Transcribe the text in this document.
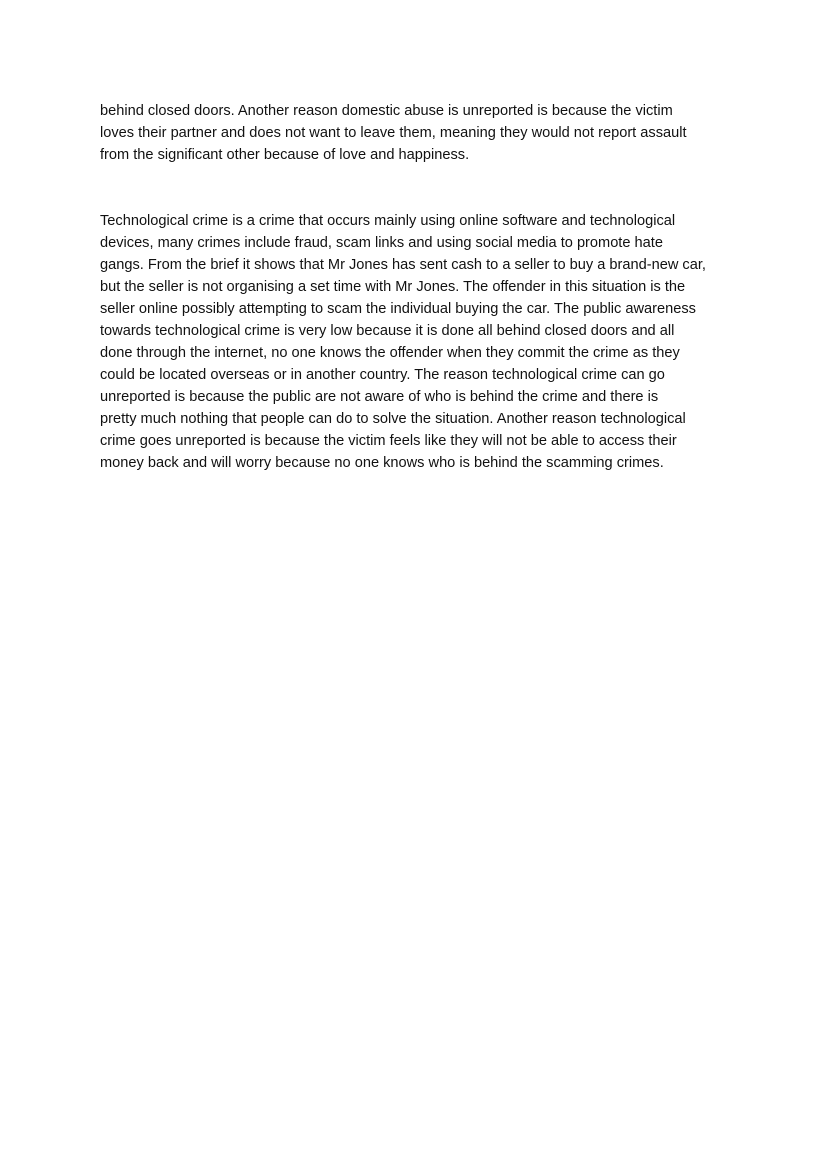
behind closed doors. Another reason domestic abuse is unreported is because the victim
loves their partner and does not want to leave them, meaning they would not report assault
from the significant other because of love and happiness.

Technological crime is a crime that occurs mainly using online software and technological
devices, many crimes include fraud, scam links and using social media to promote hate
gangs. From the brief it shows that Mr Jones has sent cash to a seller to buy a brand-new car,
but the seller is not organising a set time with Mr Jones. The offender in this situation is the
seller online possibly attempting to scam the individual buying the car. The public awareness
towards technological crime is very low because it is done all behind closed doors and all
done through the internet, no one knows the offender when they commit the crime as they
could be located overseas or in another country. The reason technological crime can go
unreported is because the public are not aware of who is behind the crime and there is
pretty much nothing that people can do to solve the situation. Another reason technological
crime goes unreported is because the victim feels like they will not be able to access their
money back and will worry because no one knows who is behind the scamming crimes.
